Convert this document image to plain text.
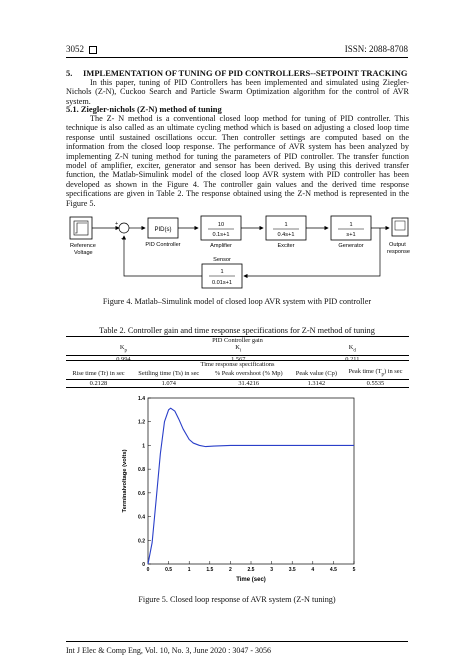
3052	ISSN: 2088-8708
5. IMPLEMENTATION OF TUNING OF PID CONTROLLERS--SETPOINT TRACKING
In this paper, tuning of PID Controllers has been implemented and simulated using Ziegler-Nichols (Z-N), Cuckoo Search and Particle Swarm Optimization algorithm for the control of AVR system.
5.1. Ziegler-nichols (Z-N) method of tuning
The Z- N method is a conventional closed loop method for tuning of PID controller. This technique is also called as an ultimate cycling method which is based on adjusting a closed loop time response until sustained oscillations occur. Then controller settings are computed based on the information from the closed loop response. The performance of AVR system has been analyzed by implementing Z-N tuning method for tuning the parameters of PID controller. The transfer function model of amplifier, exciter, generator and sensor has been derived. By using this derived transfer function, the Matlab-Simulink model of the closed loop AVR system with PID controller has been developed as shown in the Figure 4. The controller gain values and the derived time response specifications are given in Table 2. The response obtained using the Z-N method is represented in the Figure 5.
Reference
Voltage
+
-
PID(s)
PID Controller
10
0.1s+1
Amplifier
1
0.4s+1
Exciter
1
s+1
Generator	Output
response
Sensor
1
0.01s+1
Figure 4. Matlab–Simulink model of closed loop AVR system with PID controller
Table 2. Controller gain and time response specifications for Z-N method of tuning
PID Controller gain		
$K_p$	$K_i$	$K_d$
0.994	1.567	0.211
Time response specifications				
Rise time (Tr) in sec	Settling time (Ts) in sec	% Peak overshoot (% Mp)	Peak value (Cp)	Peak time $(T_p)$ in sec
0.2128	1.074	31.4216	1.3142	0.5535
0	0.5	1	1.5	2	2.5	3	3.5	4	4.5	5
0
0.2
0.4
0.6
0.8
1
1.2
1.4
Time (sec)
Terminalvoltage (volts)
Figure 5. Closed loop response of AVR system (Z-N tuning)
Int J Elec & Comp Eng, Vol. 10, No. 3, June 2020 : 3047 - 3056
